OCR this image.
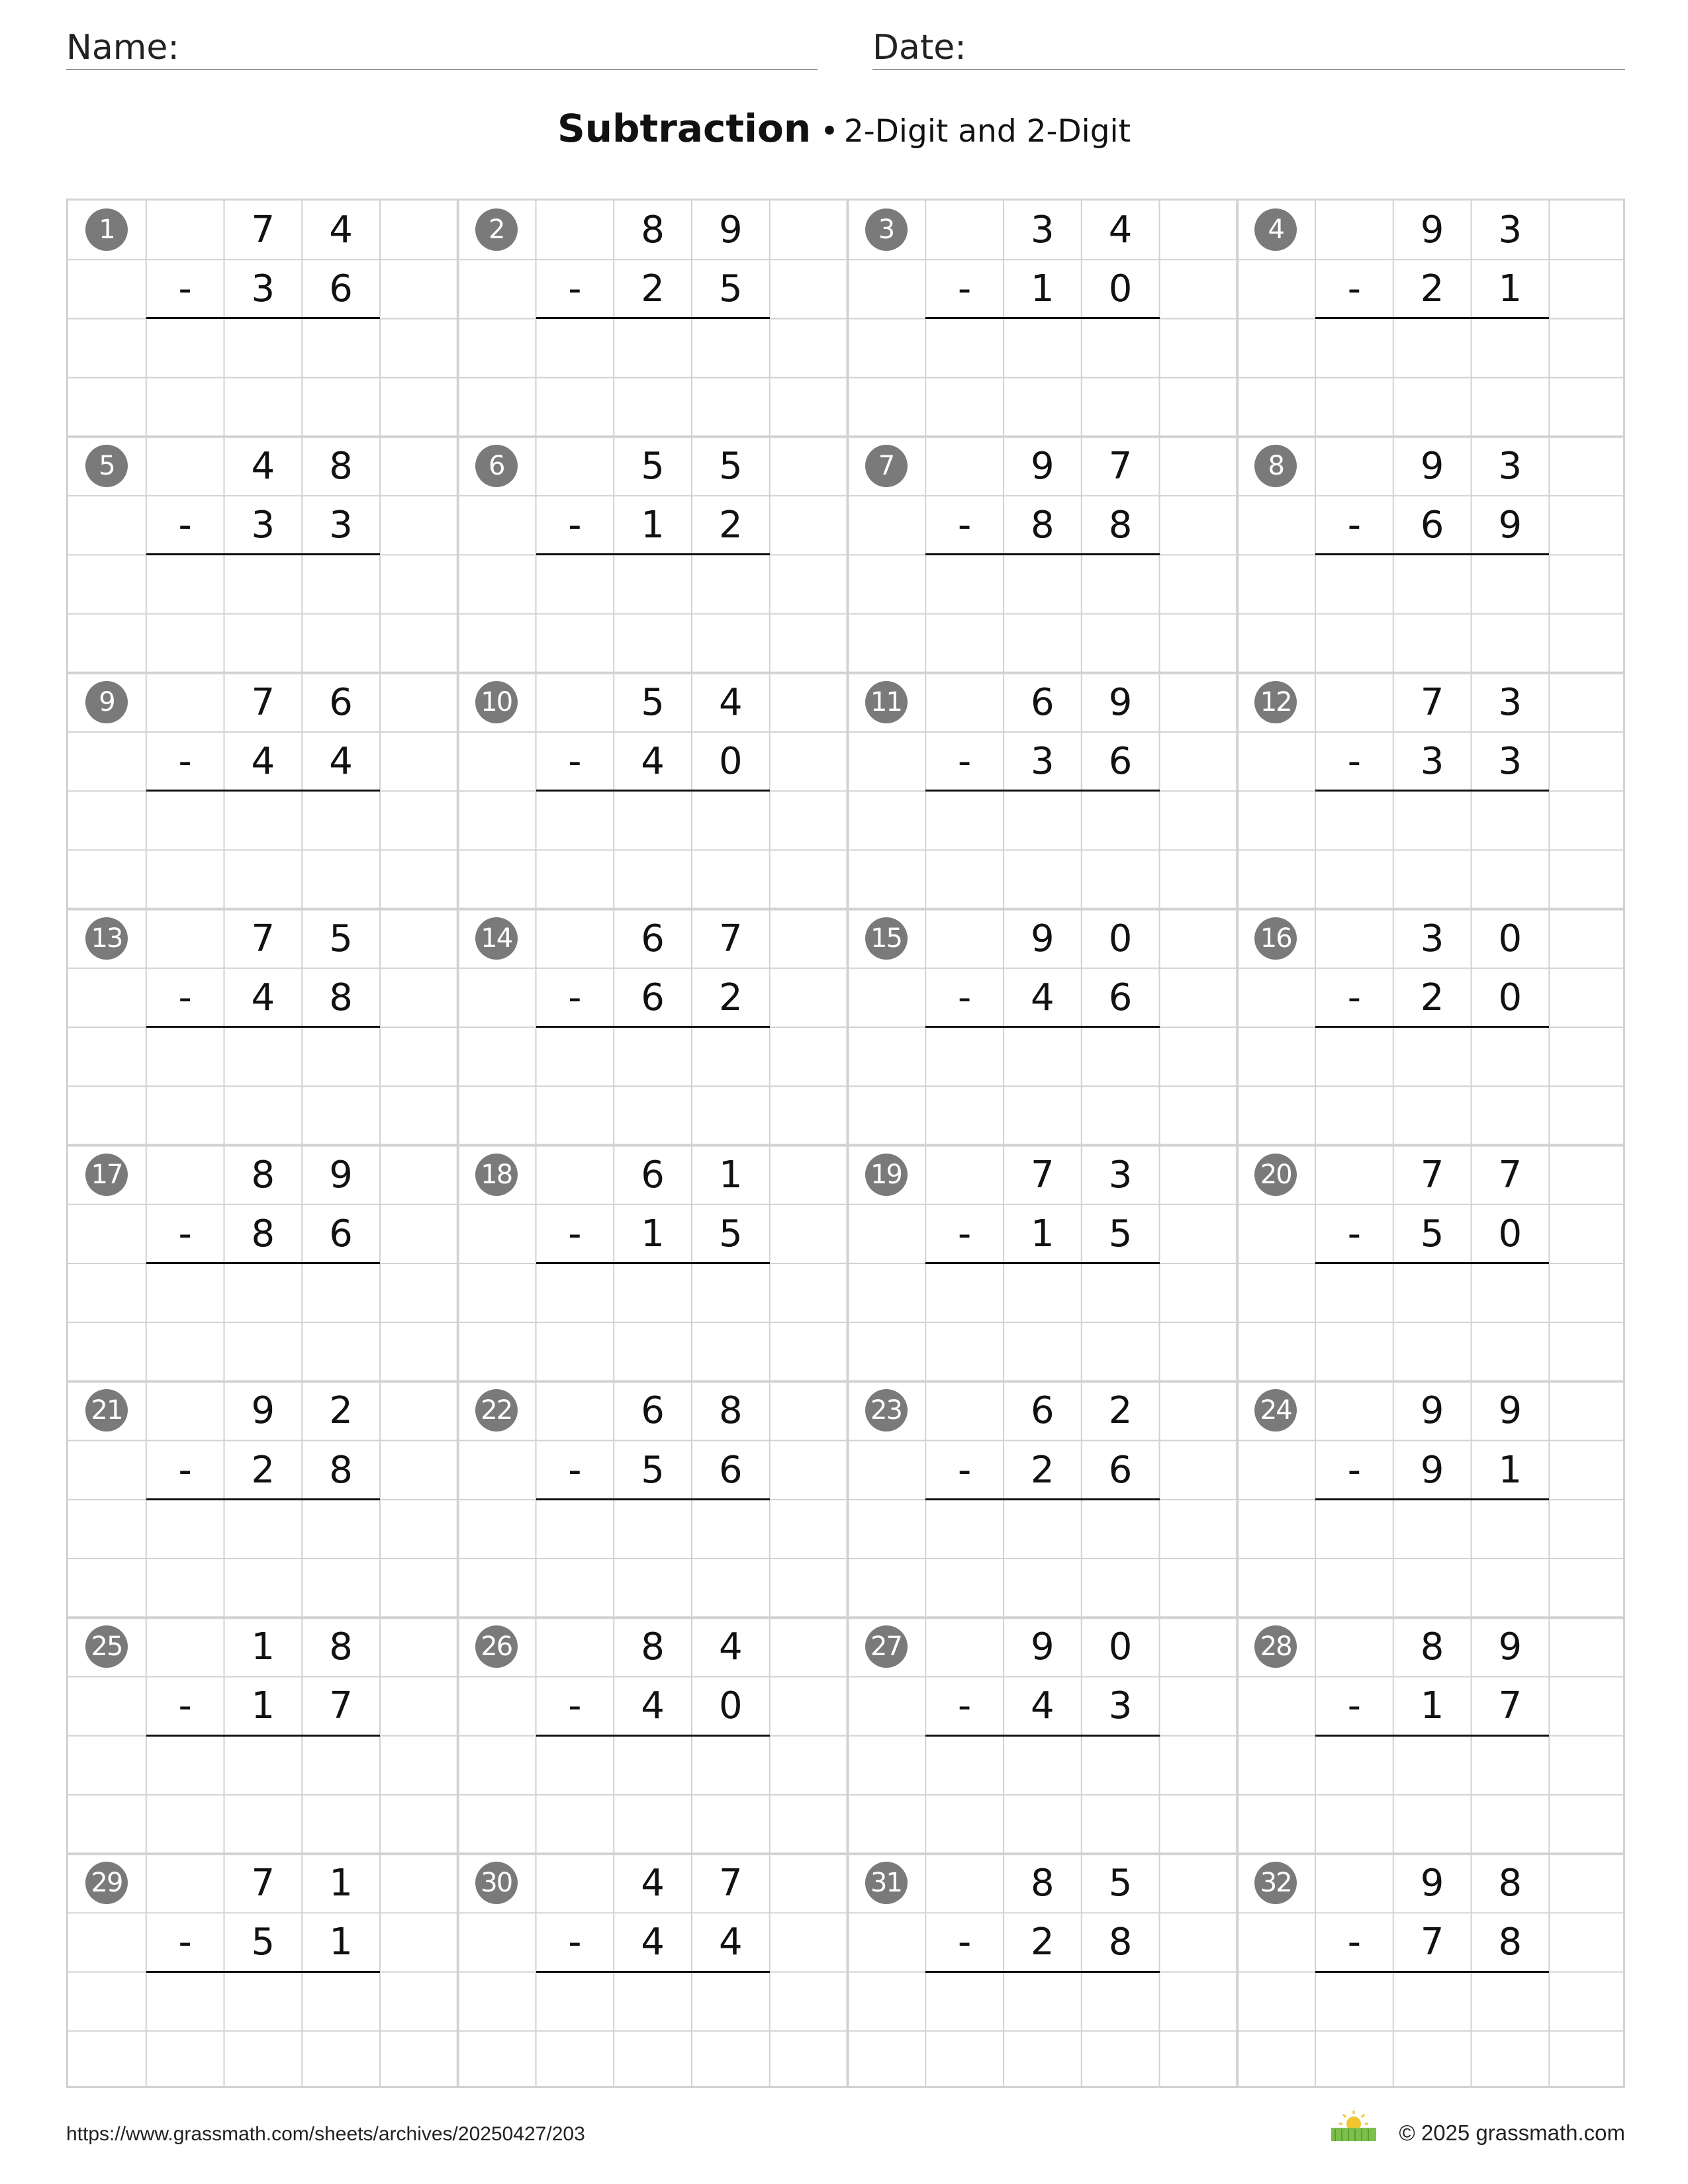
Name:	Date:
Subtraction • 2-Digit and 2-Digit
1	7	4
-	3	6
2	8	9
-	2	5
3	3	4
-	1	0
4	9	3
-	2	1
5	4	8
-	3	3
6	5	5
-	1	2
7	9	7
-	8	8
8	9	3
-	6	9
9	7	6
-	4	4
10	5	4
-	4	0
11	6	9
-	3	6
12	7	3
-	3	3
13	7	5
-	4	8
14	6	7
-	6	2
15	9	0
-	4	6
16	3	0
-	2	0
17	8	9
-	8	6
18	6	1
-	1	5
19	7	3
-	1	5
20	7	7
-	5	0
21	9	2
-	2	8
22	6	8
-	5	6
23	6	2
-	2	6
24	9	9
-	9	1
25	1	8
-	1	7
26	8	4
-	4	0
27	9	0
-	4	3
28	8	9
-	1	7
29	7	1
-	5	1
30	4	7
-	4	4
31	8	5
-	2	8
32	9	8
-	7	8
https://www.grassmath.com/sheets/archives/20250427/203	© 2025 grassmath.com
